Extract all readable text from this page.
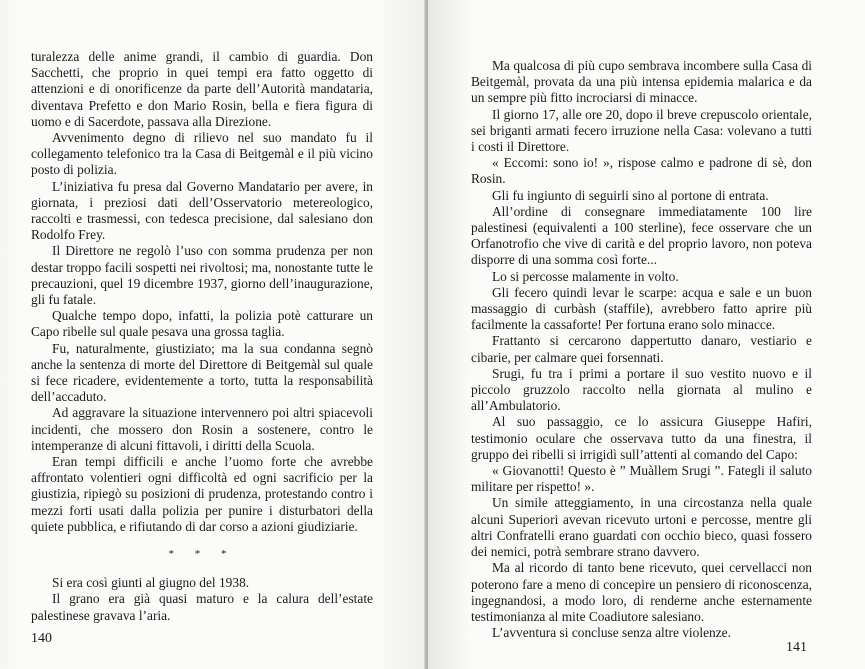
turalezza delle anime grandi, il cambio di guardia. Don Sacchetti, che proprio in quei tempi era fatto oggetto di attenzioni e di onorificenze da parte dell’Autorità mandataria, diventava Prefetto e don Mario Rosin, bella e fiera figura di uomo e di Sacerdote, passava alla Direzione.

Avvenimento degno di rilievo nel suo mandato fu il collegamento telefonico tra la Casa di Beitgemàl e il più vicino posto di polizia.

L’iniziativa fu presa dal Governo Mandatario per avere, in giornata, i preziosi dati dell’Osservatorio metereologico, raccolti e trasmessi, con tedesca precisione, dal salesiano don Rodolfo Frey.

Il Direttore ne regolò l’uso con somma prudenza per non destar troppo facili sospetti nei rivoltosi; ma, nonostante tutte le precauzioni, quel 19 dicembre 1937, giorno dell’inaugurazione, gli fu fatale.

Qualche tempo dopo, infatti, la polizia potè catturare un Capo ribelle sul quale pesava una grossa taglia.

Fu, naturalmente, giustiziato; ma la sua condanna segnò anche la sentenza di morte del Direttore di Beitgemàl sul quale si fece ricadere, evidentemente a torto, tutta la responsabilità dell’accaduto.

Ad aggravare la situazione intervennero poi altri spiacevoli incidenti, che mossero don Rosin a sostenere, contro le intemperanze di alcuni fittavoli, i diritti della Scuola.

Eran tempi difficili e anche l’uomo forte che avrebbe affrontato volentieri ogni difficoltà ed ogni sacrificio per la giustizia, ripiegò su posizioni di prudenza, protestando contro i mezzi forti usati dalla polizia per punire i disturbatori della quiete pubblica, e rifiutando di dar corso a azioni giudiziarie.

* * *

Si era così giunti al giugno del 1938.

Il grano era già quasi maturo e la calura dell’estate palestinese gravava l’aria.

140

Ma qualcosa di più cupo sembrava incombere sulla Casa di Beitgemàl, provata da una più intensa epidemia malarica e da un sempre più fitto incrociarsi di minacce.

Il giorno 17, alle ore 20, dopo il breve crepuscolo orientale, sei briganti armati fecero irruzione nella Casa: volevano a tutti i costi il Direttore.

« Eccomi: sono io! », rispose calmo e padrone di sè, don Rosin.

Gli fu ingiunto di seguirli sino al portone di entrata.

All’ordine di consegnare immediatamente 100 lire palestinesi (equivalenti a 100 sterline), fece osservare che un Orfanotrofio che vive di carità e del proprio lavoro, non poteva disporre di una somma così forte...

Lo si percosse malamente in volto.

Gli fecero quindi levar le scarpe: acqua e sale e un buon massaggio di curbàsh (staffile), avrebbero fatto aprire più facilmente la cassaforte! Per fortuna erano solo minacce.

Frattanto si cercarono dappertutto danaro, vestiario e cibarie, per calmare quei forsennati.

Srugi, fu tra i primi a portare il suo vestito nuovo e il piccolo gruzzolo raccolto nella giornata al mulino e all’Ambulatorio.

Al suo passaggio, ce lo assicura Giuseppe Hafiri, testimonio oculare che osservava tutto da una finestra, il gruppo dei ribelli si irrigidì sull’attenti al comando del Capo:

« Giovanotti! Questo è ” Muàllem Srugi ”. Fategli il saluto militare per rispetto! ».

Un simile atteggiamento, in una circostanza nella quale alcuni Superiori avevan ricevuto urtoni e percosse, mentre gli altri Confratelli erano guardati con occhio bieco, quasi fossero dei nemici, potrà sembrare strano davvero.

Ma al ricordo di tanto bene ricevuto, quei cervellacci non poterono fare a meno di concepire un pensiero di riconoscenza, ingegnandosi, a modo loro, di renderne anche esternamente testimonianza al mite Coadiutore salesiano.

L’avventura si concluse senza altre violenze.

141
